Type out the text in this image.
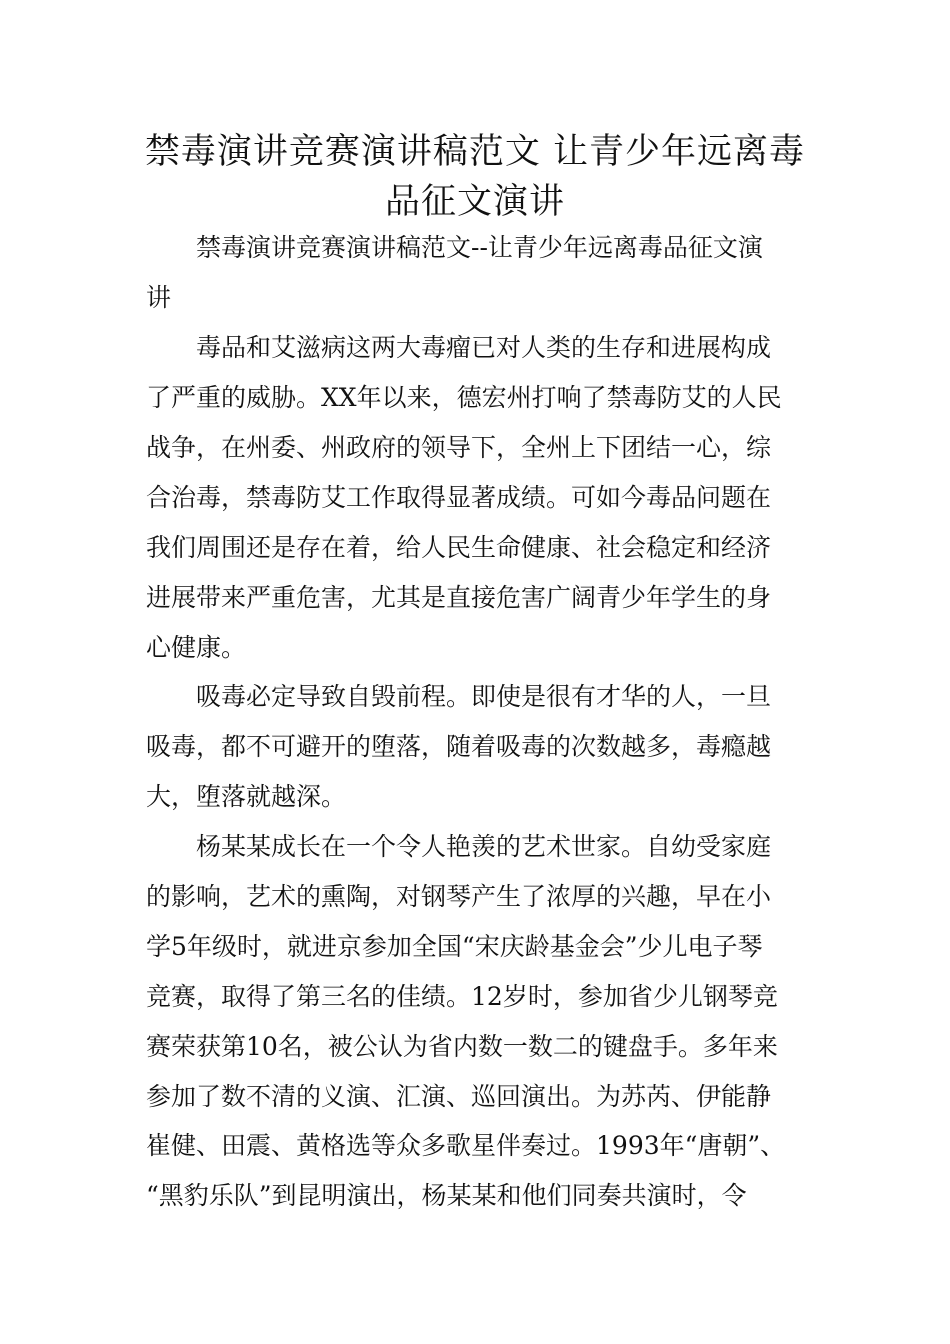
禁毒演讲竞赛演讲稿范文 让青少年远离毒
品征文演讲
　　禁毒演讲竞赛演讲稿范文--让青少年远离毒品征文演
讲
　　毒品和艾滋病这两大毒瘤已对人类的生存和进展构成
了严重的威胁。XX年以来，德宏州打响了禁毒防艾的人民
战争，在州委、州政府的领导下，全州上下团结一心，综
合治毒，禁毒防艾工作取得显著成绩。可如今毒品问题在
我们周围还是存在着，给人民生命健康、社会稳定和经济
进展带来严重危害，尤其是直接危害广阔青少年学生的身
心健康。
　　吸毒必定导致自毁前程。即使是很有才华的人，一旦
吸毒，都不可避开的堕落，随着吸毒的次数越多，毒瘾越
大，堕落就越深。
　　杨某某成长在一个令人艳羡的艺术世家。自幼受家庭
的影响，艺术的熏陶，对钢琴产生了浓厚的兴趣，早在小
学5年级时，就进京参加全国“宋庆龄基金会”少儿电子琴
竞赛，取得了第三名的佳绩。12岁时，参加省少儿钢琴竞
赛荣获第10名，被公认为省内数一数二的键盘手。多年来
参加了数不清的义演、汇演、巡回演出。为苏芮、伊能静
崔健、田震、黄格选等众多歌星伴奏过。1993年“唐朝”、
“黑豹乐队”到昆明演出，杨某某和他们同奏共演时，令
